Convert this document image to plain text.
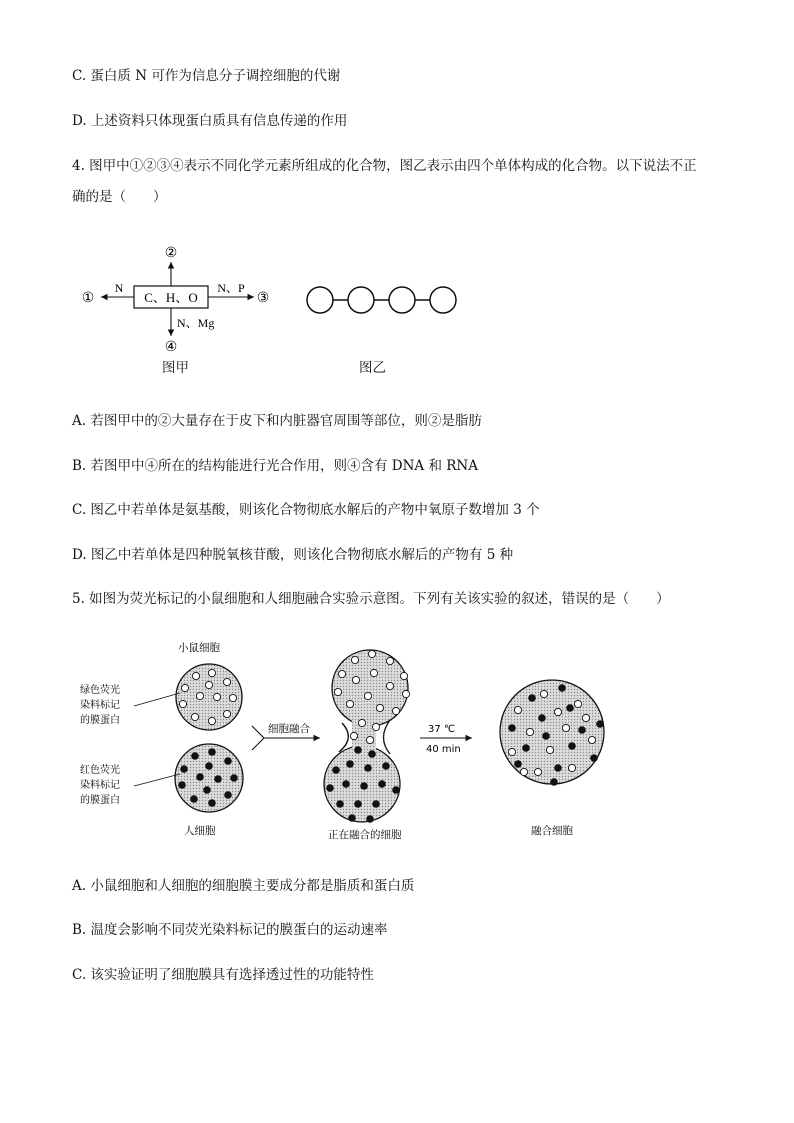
C. 蛋白质 N 可作为信息分子调控细胞的代谢
D. 上述资料只体现蛋白质具有信息传递的作用
4. 图甲中①②③④表示不同化学元素所组成的化合物，图乙表示由四个单体构成的化合物。以下说法不正
确的是（　　）
C、H、O
②
N
①
N、P
③
N、Mg
④
图甲	图乙
A. 若图甲中的②大量存在于皮下和内脏器官周围等部位，则②是脂肪
B. 若图甲中④所在的结构能进行光合作用，则④含有 DNA 和 RNA
C. 图乙中若单体是氨基酸，则该化合物彻底水解后的产物中氧原子数增加 3 个
D. 图乙中若单体是四种脱氧核苷酸，则该化合物彻底水解后的产物有 5 种
5. 如图为荧光标记的小鼠细胞和人细胞融合实验示意图。下列有关该实验的叙述，错误的是（　　）
小鼠细胞
绿色荧光
染料标记
的膜蛋白
红色荧光
染料标记
的膜蛋白
人细胞
细胞融合
正在融合的细胞
37 ℃
40 min
融合细胞
A. 小鼠细胞和人细胞的细胞膜主要成分都是脂质和蛋白质
B. 温度会影响不同荧光染料标记的膜蛋白的运动速率
C. 该实验证明了细胞膜具有选择透过性的功能特性
